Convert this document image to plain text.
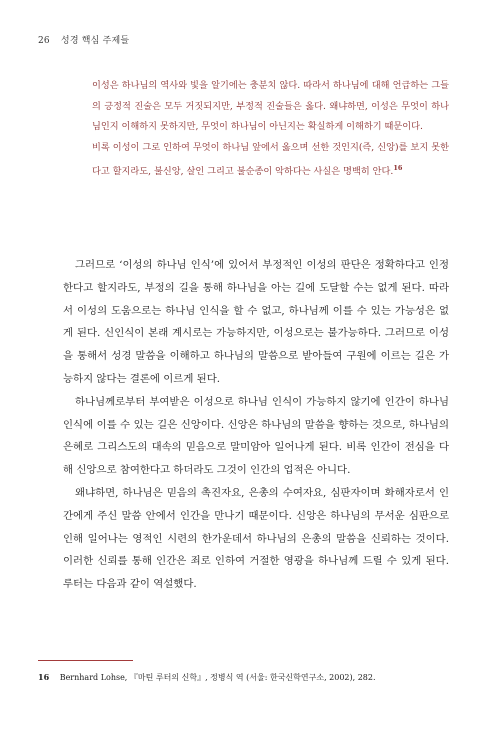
26 성경 핵심 주제들

이성은 하나님의 역사와 빛을 알기에는 충분치 않다. 따라서 하나님에 대해 언급하는 그들의 긍정적 진술은 모두 거짓되지만, 부정적 진술들은 옳다. 왜냐하면, 이성은 무엇이 하나님인지 이해하지 못하지만, 무엇이 하나님이 아닌지는 확실하게 이해하기 때문이다.

비록 이성이 그로 인하여 무엇이 하나님 앞에서 옳으며 선한 것인지(즉, 신앙)를 보지 못한다고 할지라도, 불신앙, 살인 그리고 불순종이 악하다는 사실은 명백히 안다.$^{16}$

그러므로 ‘이성의 하나님 인식’에 있어서 부정적인 이성의 판단은 정확하다고 인정한다고 할지라도, 부정의 길을 통해 하나님을 아는 길에 도달할 수는 없게 된다. 따라서 이성의 도움으로는 하나님 인식을 할 수 없고, 하나님께 이를 수 있는 가능성은 없게 된다. 신인식이 본래 계시로는 가능하지만, 이성으로는 불가능하다. 그러므로 이성을 통해서 성경 말씀을 이해하고 하나님의 말씀으로 받아들여 구원에 이르는 길은 가능하지 않다는 결론에 이르게 된다.

하나님께로부터 부여받은 이성으로 하나님 인식이 가능하지 않기에 인간이 하나님 인식에 이를 수 있는 길은 신앙이다. 신앙은 하나님의 말씀을 향하는 것으로, 하나님의 은혜로 그리스도의 대속의 믿음으로 말미암아 일어나게 된다. 비록 인간이 전심을 다해 신앙으로 참여한다고 하더라도 그것이 인간의 업적은 아니다.

왜냐하면, 하나님은 믿음의 촉진자요, 은총의 수여자요, 심판자이며 화해자로서 인간에게 주신 말씀 안에서 인간을 만나기 때문이다. 신앙은 하나님의 무서운 심판으로 인해 일어나는 영적인 시련의 한가운데서 하나님의 은총의 말씀을 신뢰하는 것이다. 이러한 신뢰를 통해 인간은 죄로 인하여 거절한 영광을 하나님께 드릴 수 있게 된다. 루터는 다음과 같이 역설했다.

16 Bernhard Lohse, 『마틴 루터의 신학』, 정병식 역 (서울: 한국신학연구소, 2002), 282.
